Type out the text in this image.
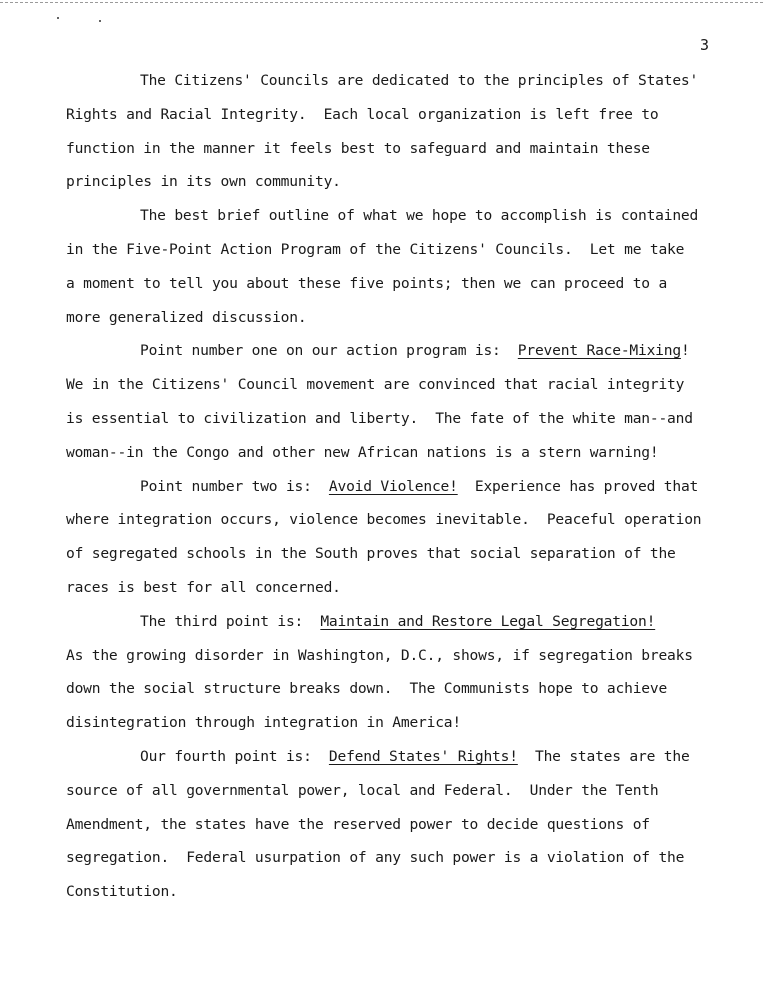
3
The Citizens' Councils are dedicated to the principles of States'
Rights and Racial Integrity.  Each local organization is left free to
function in the manner it feels best to safeguard and maintain these
principles in its own community.
The best brief outline of what we hope to accomplish is contained
in the Five-Point Action Program of the Citizens' Councils.  Let me take
a moment to tell you about these five points; then we can proceed to a
more generalized discussion.
Point number one on our action program is:  Prevent Race-Mixing!
We in the Citizens' Council movement are convinced that racial integrity
is essential to civilization and liberty.  The fate of the white man--and
woman--in the Congo and other new African nations is a stern warning!
Point number two is:  Avoid Violence!  Experience has proved that
where integration occurs, violence becomes inevitable.  Peaceful operation
of segregated schools in the South proves that social separation of the
races is best for all concerned.
The third point is:  Maintain and Restore Legal Segregation!
As the growing disorder in Washington, D.C., shows, if segregation breaks
down the social structure breaks down.  The Communists hope to achieve
disintegration through integration in America!
Our fourth point is:  Defend States' Rights!  The states are the
source of all governmental power, local and Federal.  Under the Tenth
Amendment, the states have the reserved power to decide questions of
segregation.  Federal usurpation of any such power is a violation of the
Constitution.
